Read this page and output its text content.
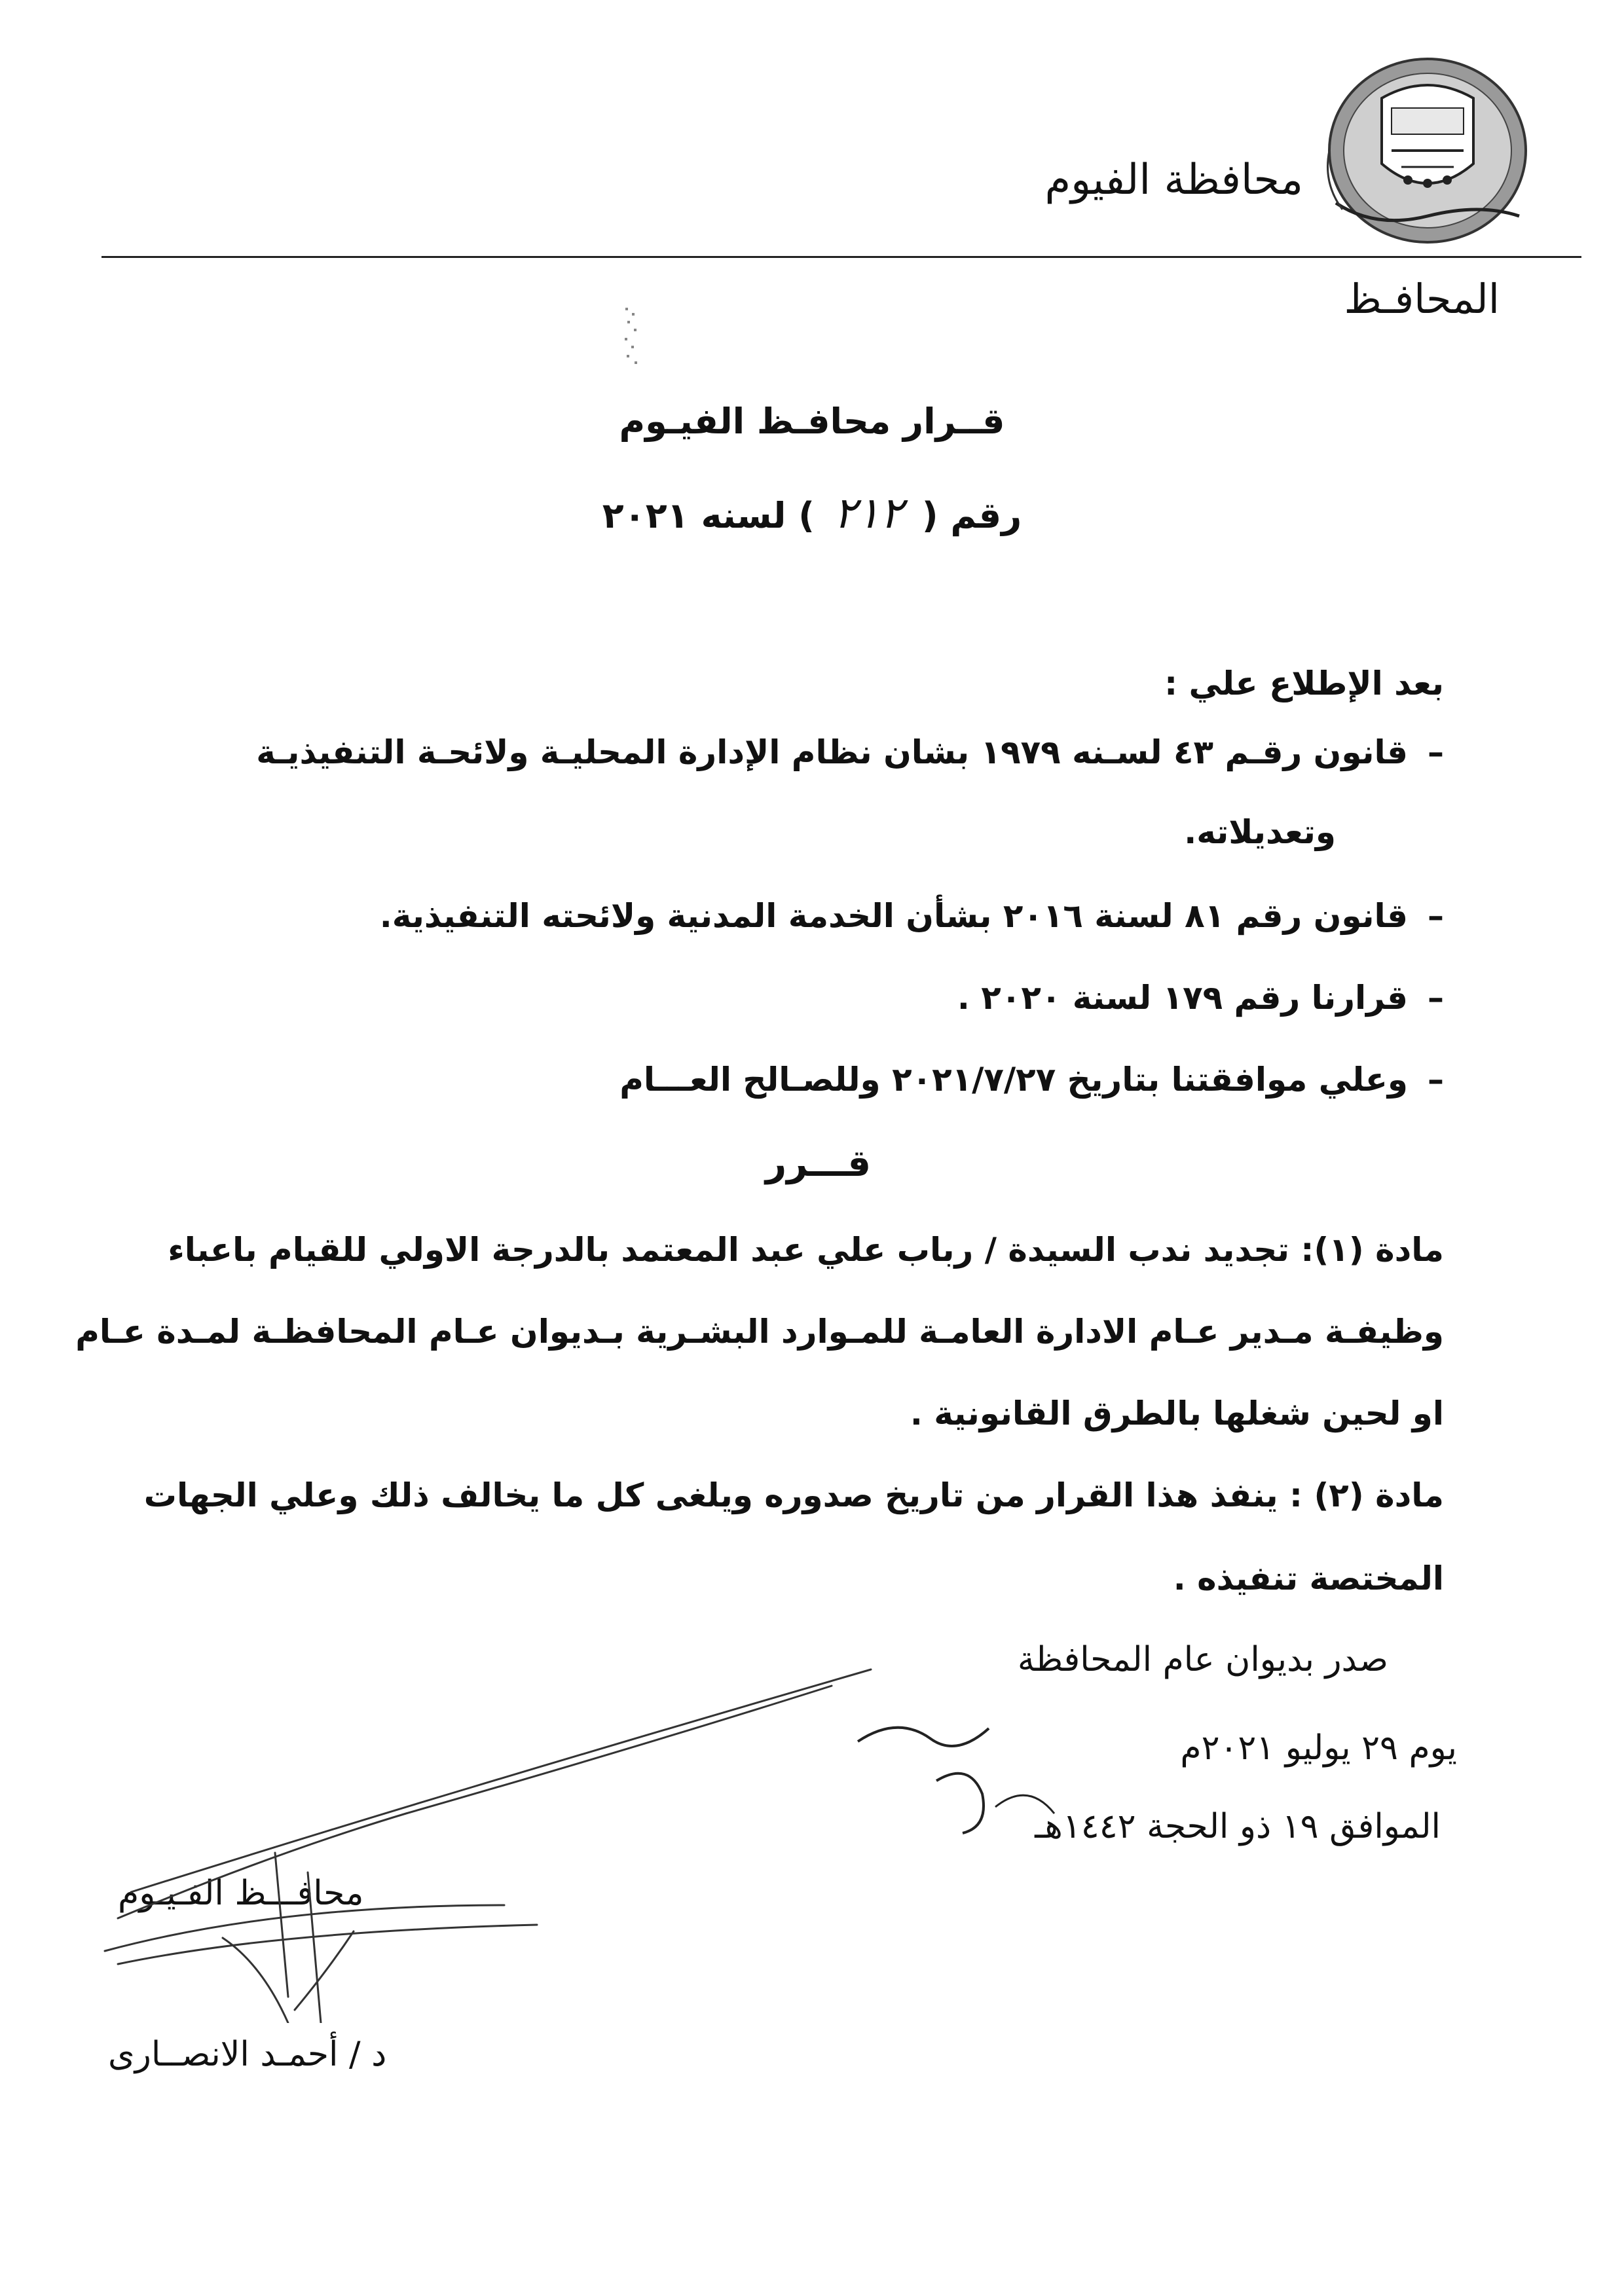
محافظة الفيوم
المحافـظ
قــرار محافـظ الفيـوم
رقم ( ٢١٢ ) لسنه ٢٠٢١
بعد الإطلاع علي :
–قانون رقـم ٤٣ لسـنه ١٩٧٩ بشان نظام الإدارة المحليـة ولائحـة التنفيذيـة
وتعديلاته.
–قانون رقم ٨١ لسنة ٢٠١٦ بشأن الخدمة المدنية ولائحته التنفيذية.
–قرارنا رقم ١٧٩ لسنة ٢٠٢٠ .
–وعلي موافقتنا بتاريخ ٢٠٢١/٧/٢٧ وللصـالح العـــام
قـــرر
مادة (١): تجديد ندب السيدة / رباب علي عبد المعتمد بالدرجة الاولي للقيام باعباء
وظيفـة مـدير عـام الادارة العامـة للمـوارد البشـرية بـديوان عـام المحافظـة لمـدة عـام
او لحين شغلها بالطرق القانونية .
مادة (٢) : ينفذ هذا القرار من تاريخ صدوره ويلغى كل ما يخالف ذلك وعلي الجهات
المختصة تنفيذه .
صدر بديوان عام المحافظة
يوم ٢٩ يوليو ٢٠٢١م
الموافق ١٩ ذو الحجة ١٤٤٢هـ
محافـــظ الفـيـوم
د / أحمـد الانصــارى
